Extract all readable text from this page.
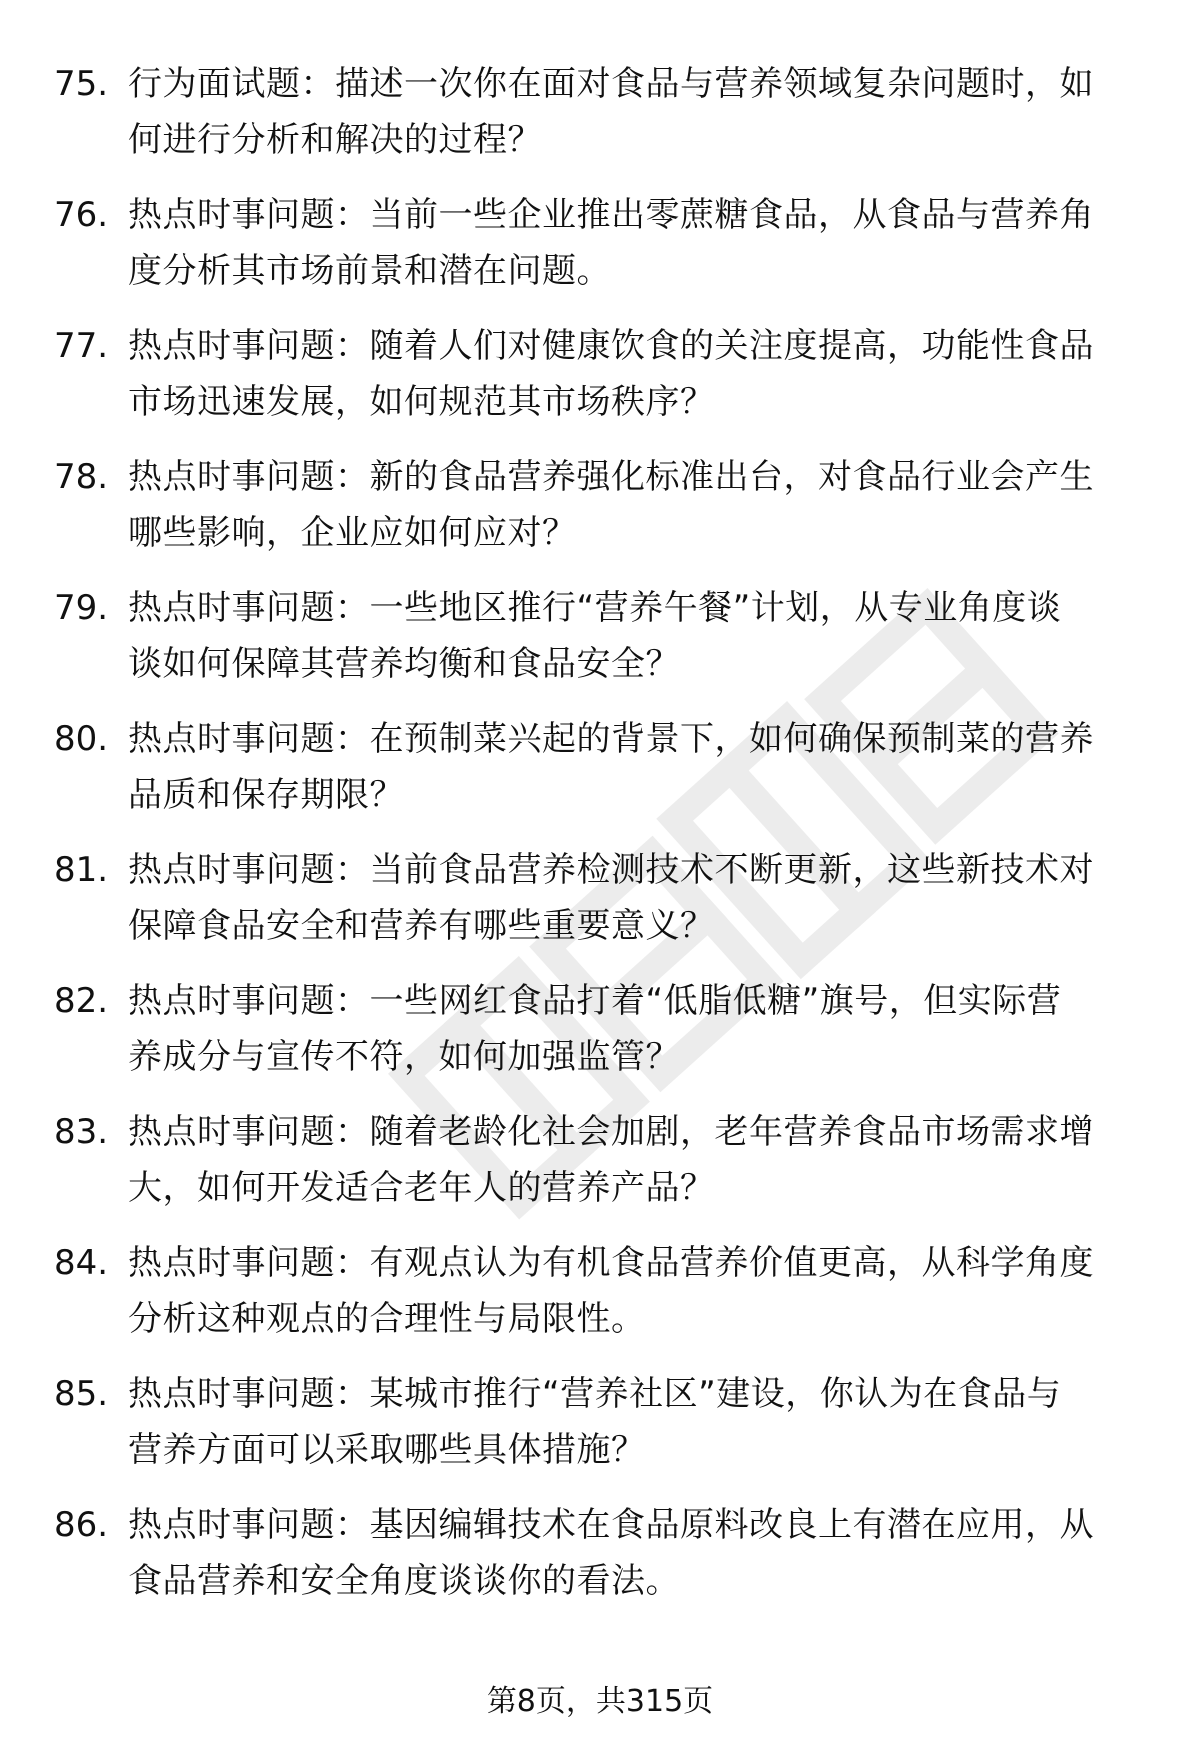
75. 行为面试题：描述一次你在面对食品与营养领域复杂问题时，如
何进行分析和解决的过程？
76. 热点时事问题：当前一些企业推出零蔗糖食品，从食品与营养角
度分析其市场前景和潜在问题。
77. 热点时事问题：随着人们对健康饮食的关注度提高，功能性食品
市场迅速发展，如何规范其市场秩序？
78. 热点时事问题：新的食品营养强化标准出台，对食品行业会产生
哪些影响，企业应如何应对？
79. 热点时事问题：一些地区推行“营养午餐”计划，从专业角度谈
谈如何保障其营养均衡和食品安全？
80. 热点时事问题：在预制菜兴起的背景下，如何确保预制菜的营养
品质和保存期限？
81. 热点时事问题：当前食品营养检测技术不断更新，这些新技术对
保障食品安全和营养有哪些重要意义？
82. 热点时事问题：一些网红食品打着“低脂低糖”旗号，但实际营
养成分与宣传不符，如何加强监管？
83. 热点时事问题：随着老龄化社会加剧，老年营养食品市场需求增
大，如何开发适合老年人的营养产品？
84. 热点时事问题：有观点认为有机食品营养价值更高，从科学角度
分析这种观点的合理性与局限性。
85. 热点时事问题：某城市推行“营养社区”建设，你认为在食品与
营养方面可以采取哪些具体措施？
86. 热点时事问题：基因编辑技术在食品原料改良上有潜在应用，从
食品营养和安全角度谈谈你的看法。
第8页，共315页
